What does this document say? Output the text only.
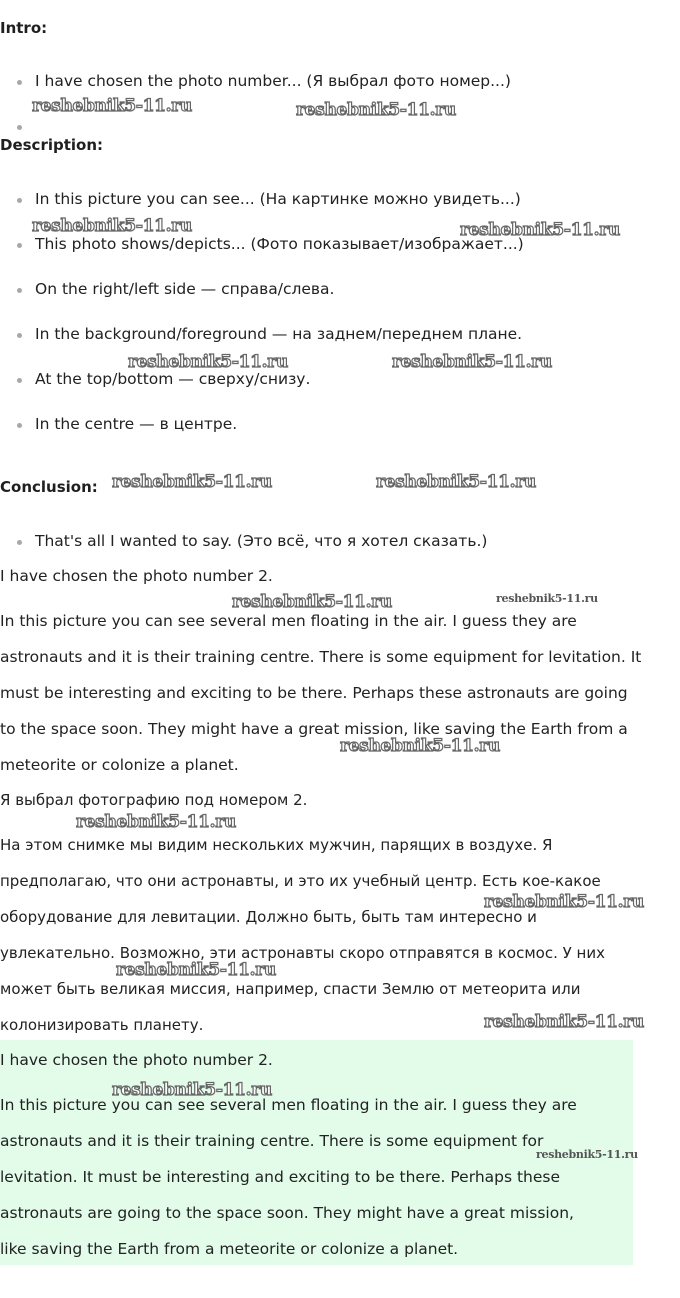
Intro:

I have chosen the photo number... (Я выбрал фото номер...)

Description:

In this picture you can see... (На картинке можно увидеть...)
This photo shows/depicts... (Фото показывает/изображает...)
On the right/left side — справа/слева.
In the background/foreground — на заднем/переднем плане.
At the top/bottom — сверху/снизу.
In the centre — в центре.

Conclusion:

That's all I wanted to say. (Это всё, что я хотел сказать.)
I have chosen the photo number 2.
In this picture you can see several men floating in the air. I guess they are
astronauts and it is their training centre. There is some equipment for levitation. It
must be interesting and exciting to be there. Perhaps these astronauts are going
to the space soon. They might have a great mission, like saving the Earth from a
meteorite or colonize a planet.
Я выбрал фотографию под номером 2.
На этом снимке мы видим нескольких мужчин, парящих в воздухе. Я
предполагаю, что они астронавты, и это их учебный центр. Есть кое-какое
оборудование для левитации. Должно быть, быть там интересно и
увлекательно. Возможно, эти астронавты скоро отправятся в космос. У них
может быть великая миссия, например, спасти Землю от метеорита или
колонизировать планету.
I have chosen the photo number 2.
In this picture you can see several men floating in the air. I guess they are
astronauts and it is their training centre. There is some equipment for
levitation. It must be interesting and exciting to be there. Perhaps these
astronauts are going to the space soon. They might have a great mission,
like saving the Earth from a meteorite or colonize a planet.
reshebnik5-11.ru	reshebnik5-11.ru
reshebnik5-11.ru	reshebnik5-11.ru
reshebnik5-11.ru	reshebnik5-11.ru
reshebnik5-11.ru	reshebnik5-11.ru
reshebnik5-11.ru	reshebnik5-11.ru
reshebnik5-11.ru
reshebnik5-11.ru
reshebnik5-11.ru
reshebnik5-11.ru
reshebnik5-11.ru
reshebnik5-11.ru
reshebnik5-11.ru
